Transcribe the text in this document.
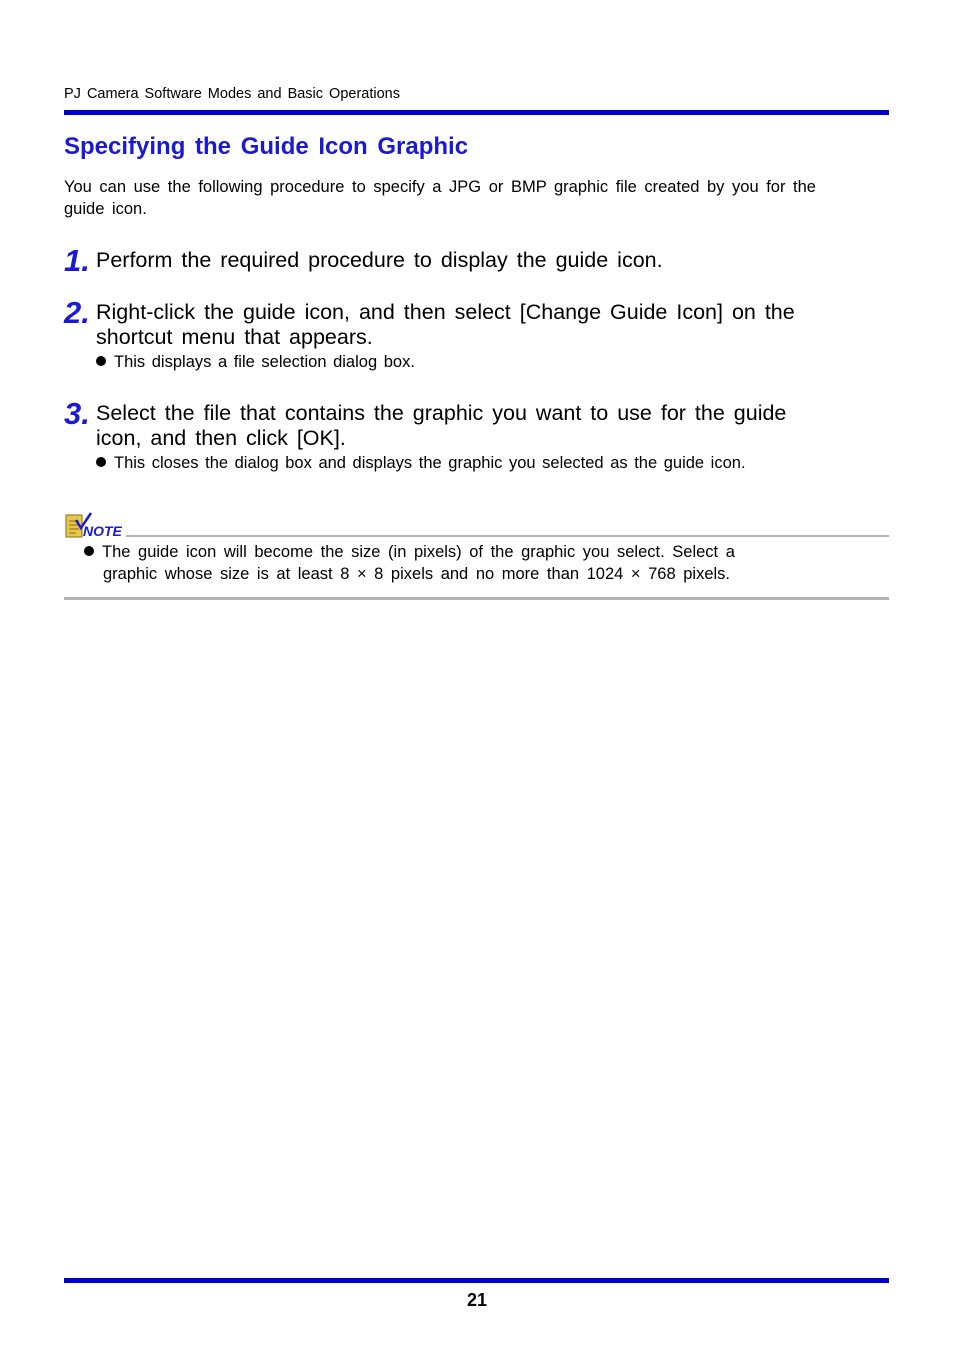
PJ Camera Software Modes and Basic Operations
Specifying the Guide Icon Graphic
You can use the following procedure to specify a JPG or BMP graphic file created by you for the guide icon.
1. Perform the required procedure to display the guide icon.
2. Right-click the guide icon, and then select [Change Guide Icon] on the
shortcut menu that appears.
This displays a file selection dialog box.
3. Select the file that contains the graphic you want to use for the guide
icon, and then click [OK].
This closes the dialog box and displays the graphic you selected as the guide icon.
NOTE
The guide icon will become the size (in pixels) of the graphic you select. Select a
graphic whose size is at least 8 × 8 pixels and no more than 1024 × 768 pixels.
21
